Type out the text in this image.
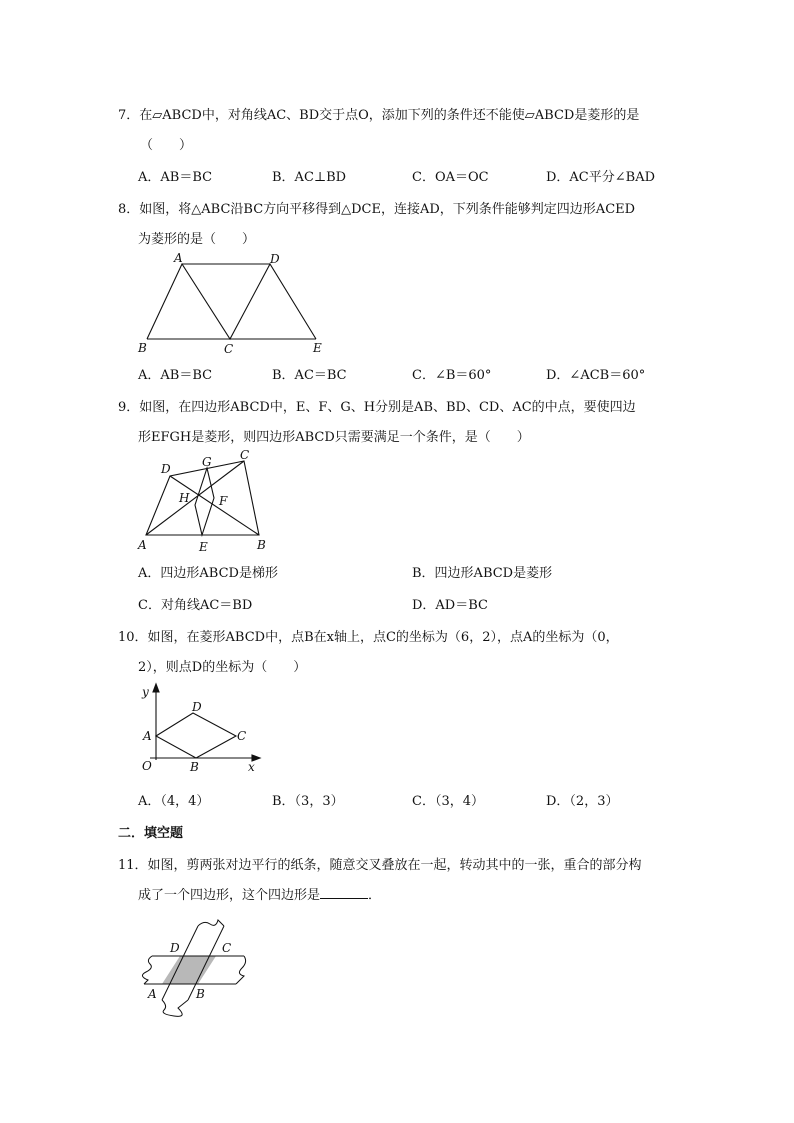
7．在▱ABCD中，对角线AC、BD交于点O，添加下列的条件还不能使▱ABCD是菱形的是
（　　）
A．AB＝BC	B．AC⊥BD	C．OA＝OC	D．AC平分∠BAD
8．如图，将△ABC沿BC方向平移得到△DCE，连接AD，下列条件能够判定四边形ACED
为菱形的是（　　）
A	D
B	C	E
A．AB＝BC	B．AC＝BC	C．∠B＝60°	D．∠ACB＝60°
9．如图，在四边形ABCD中，E、F、G、H分别是AB、BD、CD、AC的中点，要使四边
形EFGH是菱形，则四边形ABCD只需要满足一个条件，是（　　）
D	G C
H F
A	E	B
A．四边形ABCD是梯形	B．四边形ABCD是菱形
C．对角线AC＝BD	D．AD＝BC
10．如图，在菱形ABCD中，点B在x轴上，点C的坐标为（6，2），点A的坐标为（0，
2），则点D的坐标为（　　）
y
x
O
A
B
C
D
A．（4，4）	B．（3，3）	C．（3，4）	D．（2，3）
二．填空题
11．如图，剪两张对边平行的纸条，随意交叉叠放在一起，转动其中的一张，重合的部分构
成了一个四边形，这个四边形是	．
D	C
A	B
